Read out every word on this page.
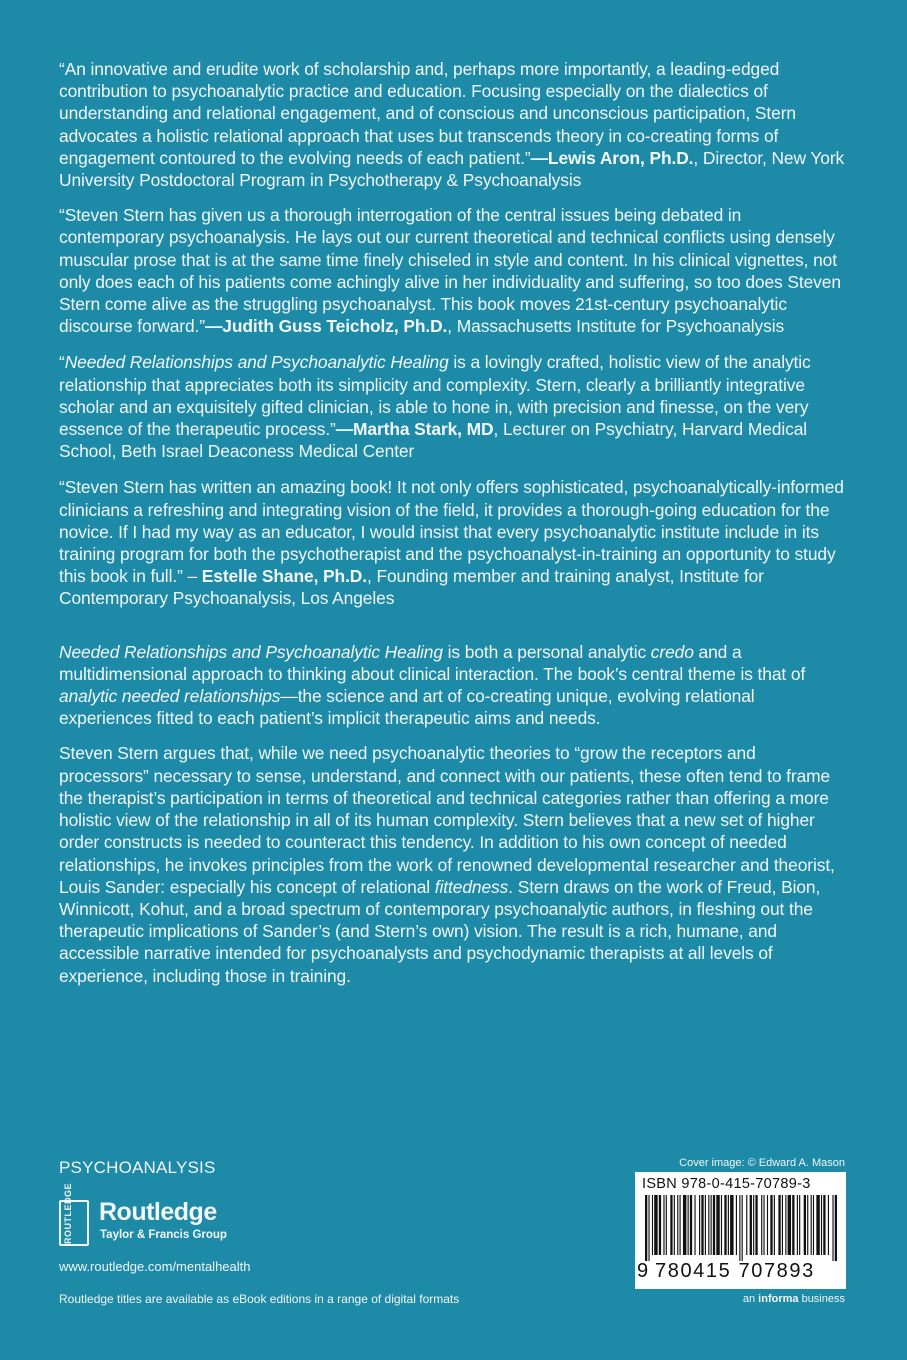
“An innovative and erudite work of scholarship and, perhaps more importantly, a leading-edged contribution to psychoanalytic practice and education. Focusing especially on the dialectics of understanding and relational engagement, and of conscious and unconscious participation, Stern advocates a holistic relational approach that uses but transcends theory in co-creating forms of engagement contoured to the evolving needs of each patient.”—Lewis Aron, Ph.D., Director, New York University Postdoctoral Program in Psychotherapy & Psychoanalysis

“Steven Stern has given us a thorough interrogation of the central issues being debated in contemporary psychoanalysis. He lays out our current theoretical and technical conflicts using densely muscular prose that is at the same time finely chiseled in style and content. In his clinical vignettes, not only does each of his patients come achingly alive in her individuality and suffering, so too does Steven Stern come alive as the struggling psychoanalyst. This book moves 21st-century psychoanalytic discourse forward.”—Judith Guss Teicholz, Ph.D., Massachusetts Institute for Psychoanalysis

“Needed Relationships and Psychoanalytic Healing is a lovingly crafted, holistic view of the analytic relationship that appreciates both its simplicity and complexity. Stern, clearly a brilliantly integrative scholar and an exquisitely gifted clinician, is able to hone in, with precision and finesse, on the very essence of the therapeutic process.”—Martha Stark, MD, Lecturer on Psychiatry, Harvard Medical School, Beth Israel Deaconess Medical Center

“Steven Stern has written an amazing book! It not only offers sophisticated, psychoanalytically-informed clinicians a refreshing and integrating vision of the field, it provides a thorough-going education for the novice. If I had my way as an educator, I would insist that every psychoanalytic institute include in its training program for both the psychotherapist and the psychoanalyst-in-training an opportunity to study this book in full.” – Estelle Shane, Ph.D., Founding member and training analyst, Institute for Contemporary Psychoanalysis, Los Angeles

Needed Relationships and Psychoanalytic Healing is both a personal analytic credo and a multidimensional approach to thinking about clinical interaction. The book’s central theme is that of analytic needed relationships—the science and art of co-creating unique, evolving relational experiences fitted to each patient’s implicit therapeutic aims and needs.

Steven Stern argues that, while we need psychoanalytic theories to “grow the receptors and processors” necessary to sense, understand, and connect with our patients, these often tend to frame the therapist’s participation in terms of theoretical and technical categories rather than offering a more holistic view of the relationship in all of its human complexity. Stern believes that a new set of higher order constructs is needed to counteract this tendency. In addition to his own concept of needed relationships, he invokes principles from the work of renowned developmental researcher and theorist, Louis Sander: especially his concept of relational fittedness. Stern draws on the work of Freud, Bion, Winnicott, Kohut, and a broad spectrum of contemporary psychoanalytic authors, in fleshing out the therapeutic implications of Sander’s (and Stern’s own) vision. The result is a rich, humane, and accessible narrative intended for psychoanalysts and psychodynamic therapists at all levels of experience, including those in training.

PSYCHOANALYSIS
ROUTLEDGE Routledge
Taylor & Francis Group
www.routledge.com/mentalhealth
Routledge titles are available as eBook editions in a range of digital formats
Cover image: © Edward A. Mason
ISBN 978-0-415-70789-3
9 780415 707893
an informa business
